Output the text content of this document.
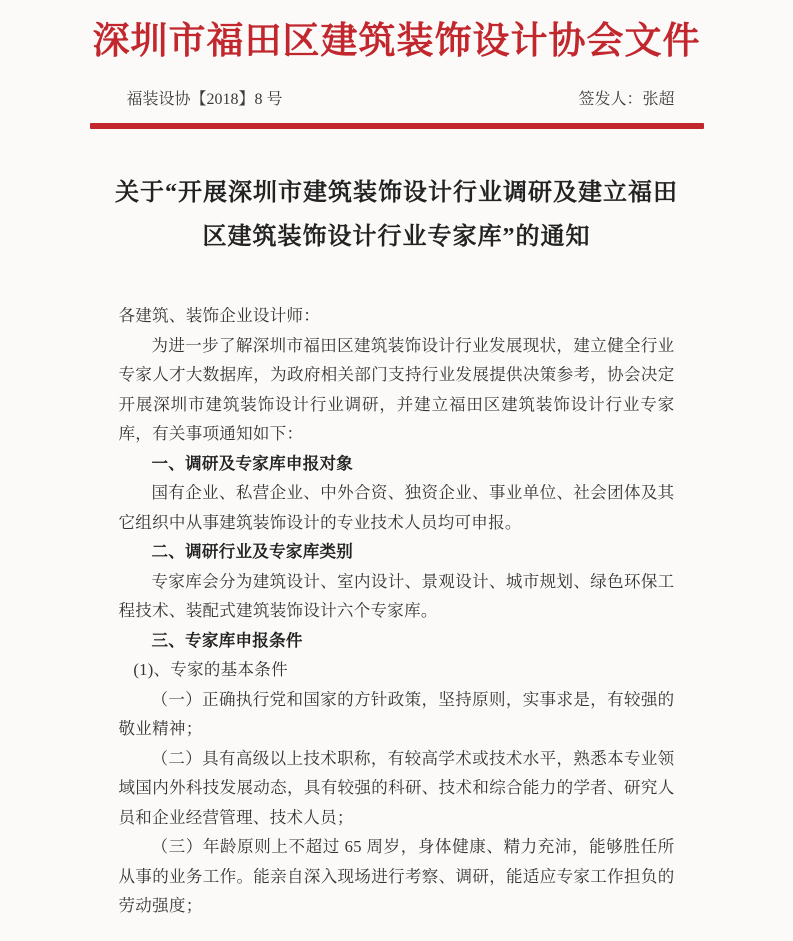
深圳市福田区建筑装饰设计协会文件
福装设协【2018】8 号	签发人：张超
关于“开展深圳市建筑装饰设计行业调研及建立福田
区建筑装饰设计行业专家库”的通知

各建筑、装饰企业设计师：

为进一步了解深圳市福田区建筑装饰设计行业发展现状，建立健全行业专家人才大数据库，为政府相关部门支持行业发展提供决策参考，协会决定开展深圳市建筑装饰设计行业调研，并建立福田区建筑装饰设计行业专家库，有关事项通知如下：

一、调研及专家库申报对象

国有企业、私营企业、中外合资、独资企业、事业单位、社会团体及其它组织中从事建筑装饰设计的专业技术人员均可申报。

二、调研行业及专家库类别

专家库会分为建筑设计、室内设计、景观设计、城市规划、绿色环保工程技术、装配式建筑装饰设计六个专家库。

三、专家库申报条件

(1)、专家的基本条件

（一）正确执行党和国家的方针政策，坚持原则，实事求是，有较强的敬业精神；

（二）具有高级以上技术职称，有较高学术或技术水平，熟悉本专业领域国内外科技发展动态，具有较强的科研、技术和综合能力的学者、研究人员和企业经营管理、技术人员；

（三）年龄原则上不超过 65 周岁，身体健康、精力充沛，能够胜任所从事的业务工作。能亲自深入现场进行考察、调研，能适应专家工作担负的劳动强度；
